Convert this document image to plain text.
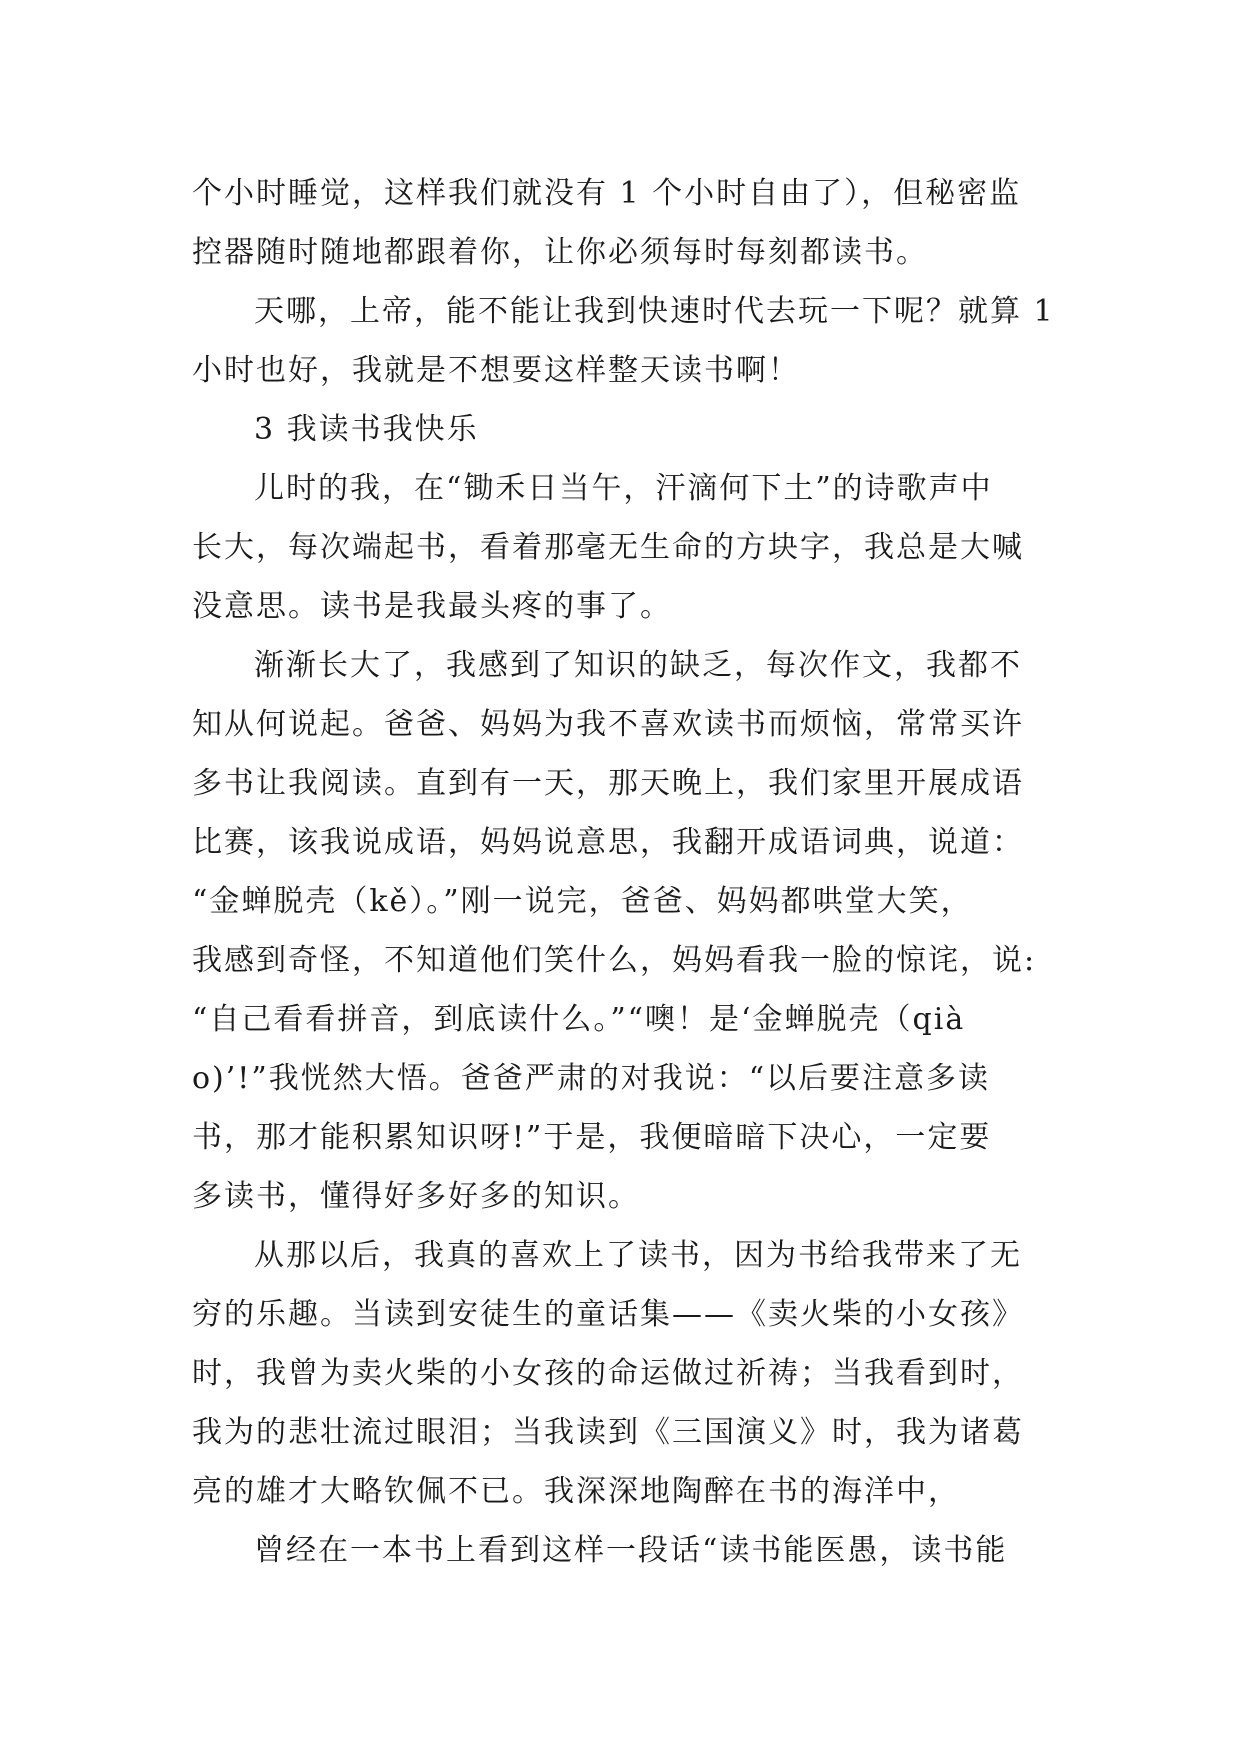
个小时睡觉，这样我们就没有 1 个小时自由了），但秘密监
控器随时随地都跟着你，让你必须每时每刻都读书。
天哪，上帝，能不能让我到快速时代去玩一下呢？就算 1
小时也好，我就是不想要这样整天读书啊！
3 我读书我快乐
儿时的我，在“锄禾日当午，汗滴何下土”的诗歌声中
长大，每次端起书，看着那毫无生命的方块字，我总是大喊
没意思。读书是我最头疼的事了。
渐渐长大了，我感到了知识的缺乏，每次作文，我都不
知从何说起。爸爸、妈妈为我不喜欢读书而烦恼，常常买许
多书让我阅读。直到有一天，那天晚上，我们家里开展成语
比赛，该我说成语，妈妈说意思，我翻开成语词典，说道：
“金蝉脱壳（kě）。”刚一说完，爸爸、妈妈都哄堂大笑，
我感到奇怪，不知道他们笑什么，妈妈看我一脸的惊诧，说:
“自己看看拼音，到底读什么。”“噢！是‘金蝉脱壳（qià
o)’!”我恍然大悟。爸爸严肃的对我说：“以后要注意多读
书，那才能积累知识呀!”于是，我便暗暗下决心，一定要
多读书，懂得好多好多的知识。
从那以后，我真的喜欢上了读书，因为书给我带来了无
穷的乐趣。当读到安徒生的童话集——《卖火柴的小女孩》
时，我曾为卖火柴的小女孩的命运做过祈祷；当我看到时，
我为的悲壮流过眼泪；当我读到《三国演义》时，我为诸葛
亮的雄才大略钦佩不已。我深深地陶醉在书的海洋中，
曾经在一本书上看到这样一段话“读书能医愚，读书能
